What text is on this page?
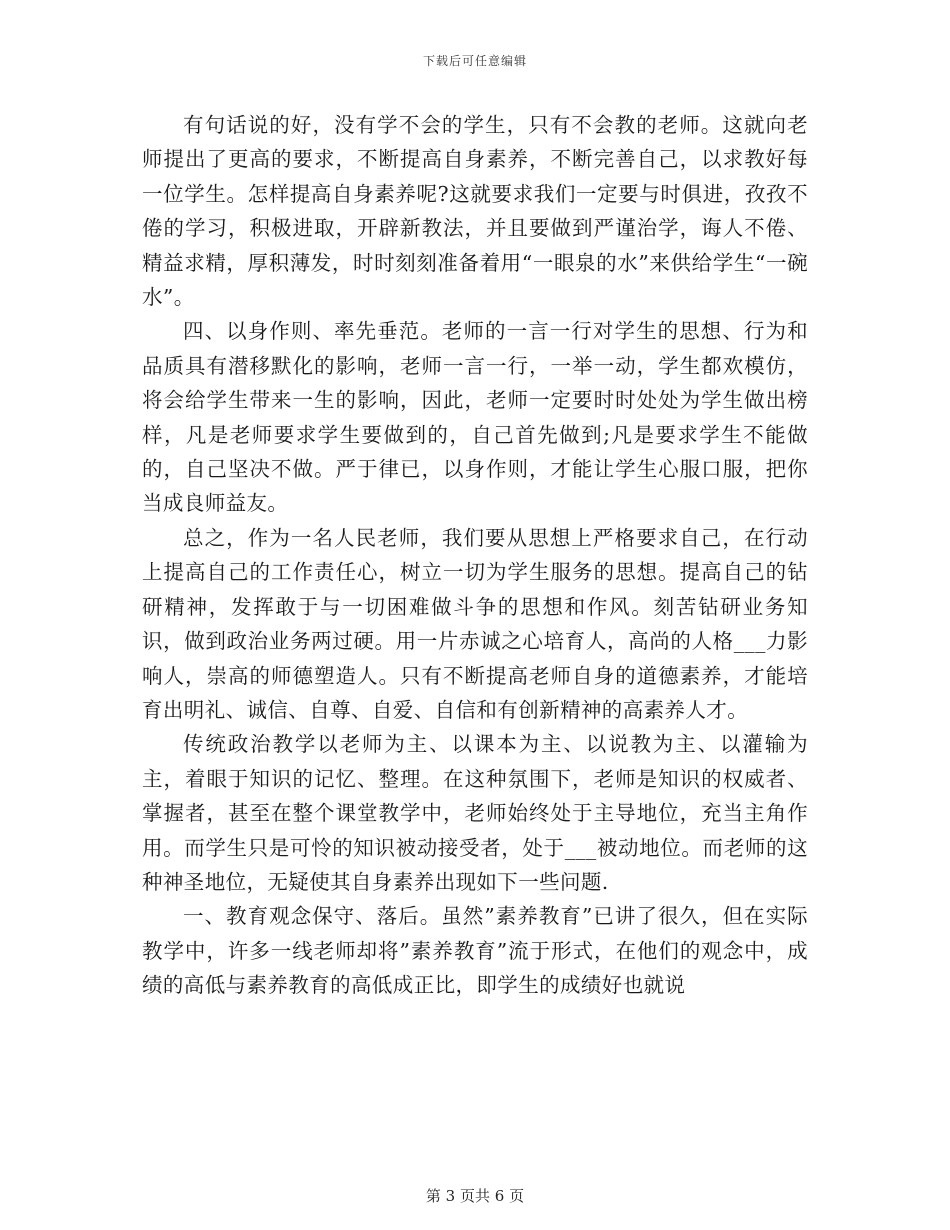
下载后可任意编辑

有句话说的好，没有学不会的学生，只有不会教的老师。这就向老师提出了更高的要求，不断提高自身素养，不断完善自己，以求教好每一位学生。怎样提高自身素养呢?这就要求我们一定要与时俱进，孜孜不倦的学习，积极进取，开辟新教法，并且要做到严谨治学，诲人不倦、精益求精，厚积薄发，时时刻刻准备着用“一眼泉的水”来供给学生“一碗水”。

四、以身作则、率先垂范。老师的一言一行对学生的思想、行为和品质具有潜移默化的影响，老师一言一行，一举一动，学生都欢模仿，将会给学生带来一生的影响，因此，老师一定要时时处处为学生做出榜样，凡是老师要求学生要做到的，自己首先做到;凡是要求学生不能做的，自己坚决不做。严于律已，以身作则，才能让学生心服口服，把你当成良师益友。

总之，作为一名人民老师，我们要从思想上严格要求自己，在行动上提高自己的工作责任心，树立一切为学生服务的思想。提高自己的钻研精神，发挥敢于与一切困难做斗争的思想和作风。刻苦钻研业务知识，做到政治业务两过硬。用一片赤诚之心培育人，高尚的人格___力影响人，崇高的师德塑造人。只有不断提高老师自身的道德素养，才能培育出明礼、诚信、自尊、自爱、自信和有创新精神的高素养人才。

传统政治教学以老师为主、以课本为主、以说教为主、以灌输为主，着眼于知识的记忆、整理。在这种氛围下，老师是知识的权威者、掌握者，甚至在整个课堂教学中，老师始终处于主导地位，充当主角作用。而学生只是可怜的知识被动接受者，处于___被动地位。而老师的这种神圣地位，无疑使其自身素养出现如下一些问题.

一、教育观念保守、落后。虽然”素养教育”已讲了很久，但在实际教学中，许多一线老师却将”素养教育”流于形式，在他们的观念中，成绩的高低与素养教育的高低成正比，即学生的成绩好也就说

第 3 页共 6 页
